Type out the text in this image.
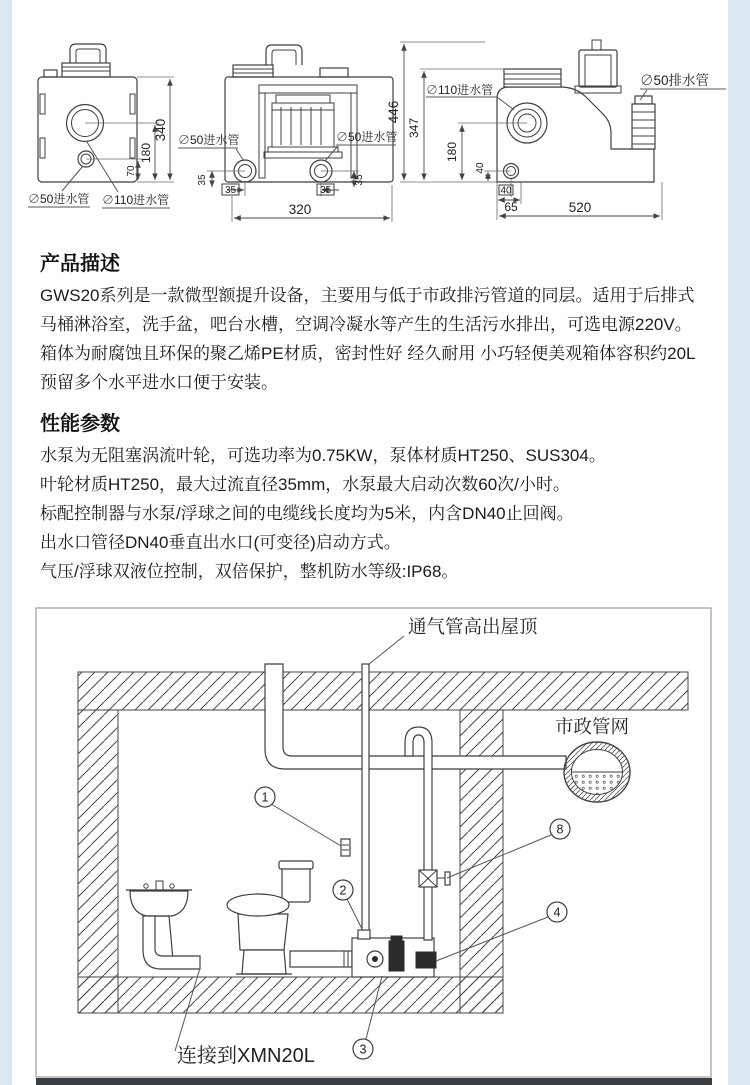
340
180
70
∅50进水管 ∅110进水管
35
35
35
35
320
∅50进水管	∅50进水管
446
347
180
40
40
65	520
∅110进水管
∅50排水管
产品描述

GWS20系列是一款微型额提升设备，主要用与低于市政排污管道的同层。适用于后排式

马桶淋浴室，洗手盆，吧台水槽，空调冷凝水等产生的生活污水排出，可选电源220V。

箱体为耐腐蚀且环保的聚乙烯PE材质，密封性好 经久耐用 小巧轻便美观箱体容积约20L

预留多个水平进水口便于安装。

性能参数

水泵为无阻塞涡流叶轮，可选功率为0.75KW，泵体材质HT250、SUS304。

叶轮材质HT250，最大过流直径35mm，水泵最大启动次数60次/小时。

标配控制器与水泵/浮球之间的电缆线长度均为5米，内含DN40止回阀。

出水口管径DN40垂直出水口(可变径)启动方式。

气压/浮球双液位控制，双倍保护，整机防水等级:IP68。

通气管高出屋顶
市政管网
连接到XMN20L
1
2
3
4
8
